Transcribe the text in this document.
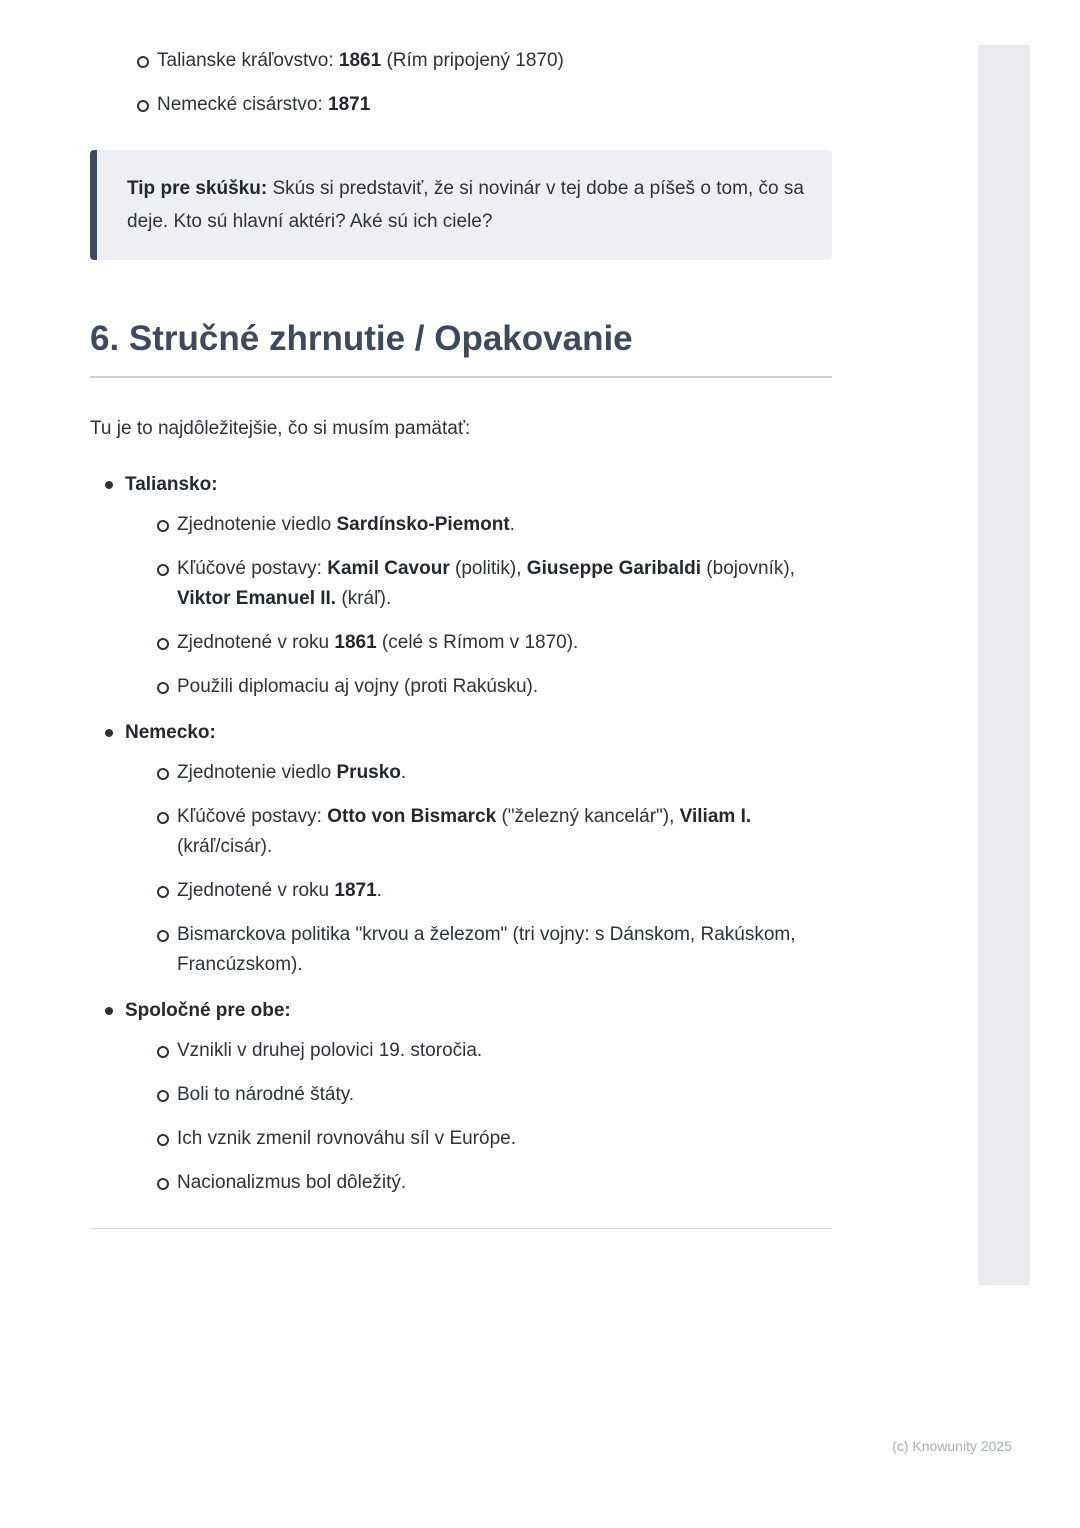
Talianske kráľovstvo: 1861 (Rím pripojený 1870)
Nemecké cisárstvo: 1871
Tip pre skúšku: Skús si predstaviť, že si novinár v tej dobe a píšeš o tom, čo sa deje. Kto sú hlavní aktéri? Aké sú ich ciele?
6. Stručné zhrnutie / Opakovanie

Tu je to najdôležitejšie, čo si musím pamätať:

Taliansko:
Zjednotenie viedlo Sardínsko-Piemont.
Kľúčové postavy: Kamil Cavour (politik), Giuseppe Garibaldi (bojovník), Viktor Emanuel II. (kráľ).
Zjednotené v roku 1861 (celé s Rímom v 1870).
Použili diplomaciu aj vojny (proti Rakúsku).
Nemecko:
Zjednotenie viedlo Prusko.
Kľúčové postavy: Otto von Bismarck ("železný kancelár"), Viliam I. (kráľ/cisár).
Zjednotené v roku 1871.
Bismarckova politika "krvou a železom" (tri vojny: s Dánskom, Rakúskom, Francúzskom).
Spoločné pre obe:
Vznikli v druhej polovici 19. storočia.
Boli to národné štáty.
Ich vznik zmenil rovnováhu síl v Európe.
Nacionalizmus bol dôležitý.
(c) Knowunity 2025
